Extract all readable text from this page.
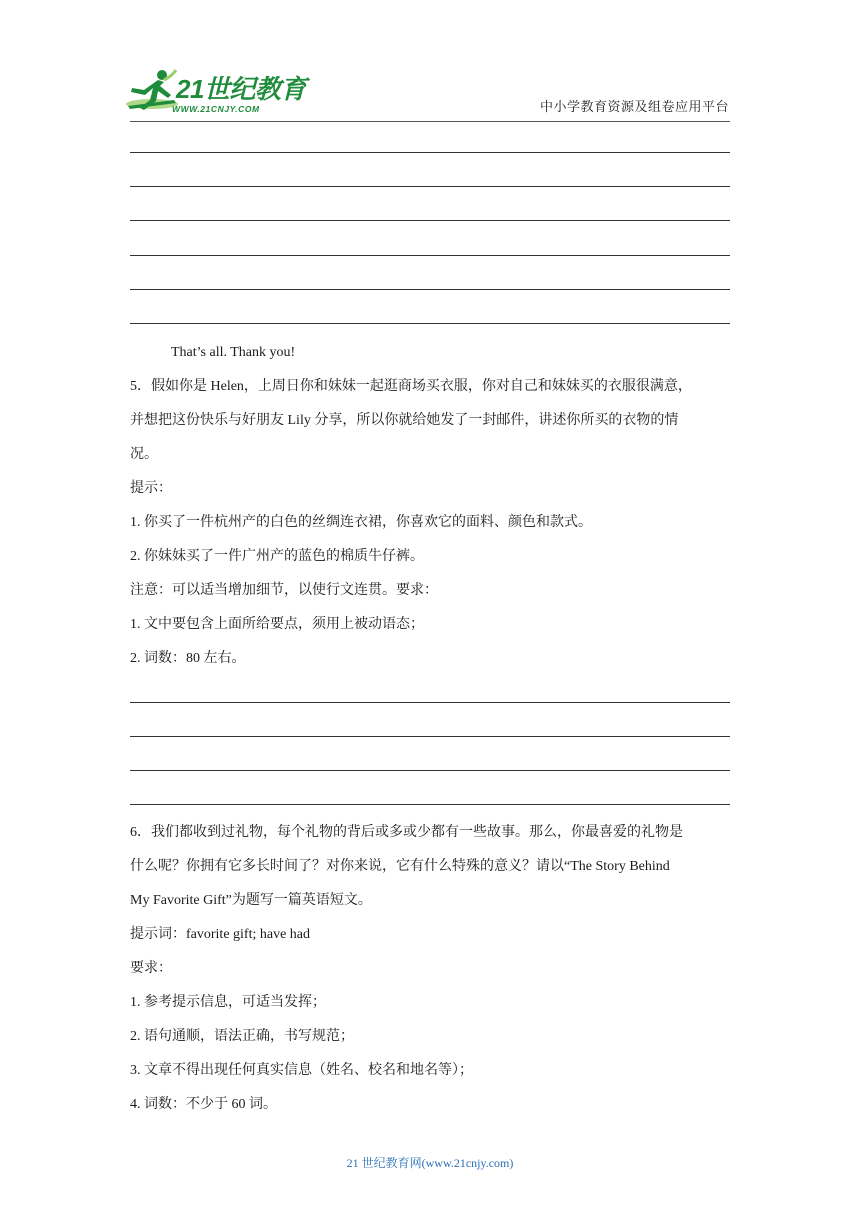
21世纪教育
WWW.21CNJY.COM	中小学教育资源及组卷应用平台

That’s all. Thank you!

5．假如你是 Helen，上周日你和妹妹一起逛商场买衣服，你对自己和妹妹买的衣服很满意，

并想把这份快乐与好朋友 Lily 分享，所以你就给她发了一封邮件，讲述你所买的衣物的情

况。

提示：

1. 你买了一件杭州产的白色的丝绸连衣裙，你喜欢它的面料、颜色和款式。

2. 你妹妹买了一件广州产的蓝色的棉质牛仔裤。

注意：可以适当增加细节，以使行文连贯。要求：

1. 文中要包含上面所给要点，须用上被动语态；

2. 词数：80 左右。

6．我们都收到过礼物，每个礼物的背后或多或少都有一些故事。那么，你最喜爱的礼物是

什么呢？你拥有它多长时间了？对你来说，它有什么特殊的意义？请以“The Story Behind

My Favorite Gift”为题写一篇英语短文。

提示词：favorite gift; have had

要求：

1. 参考提示信息，可适当发挥；

2. 语句通顺，语法正确，书写规范；

3. 文章不得出现任何真实信息（姓名、校名和地名等）；

4. 词数：不少于 60 词。

21 世纪教育网(www.21cnjy.com)
